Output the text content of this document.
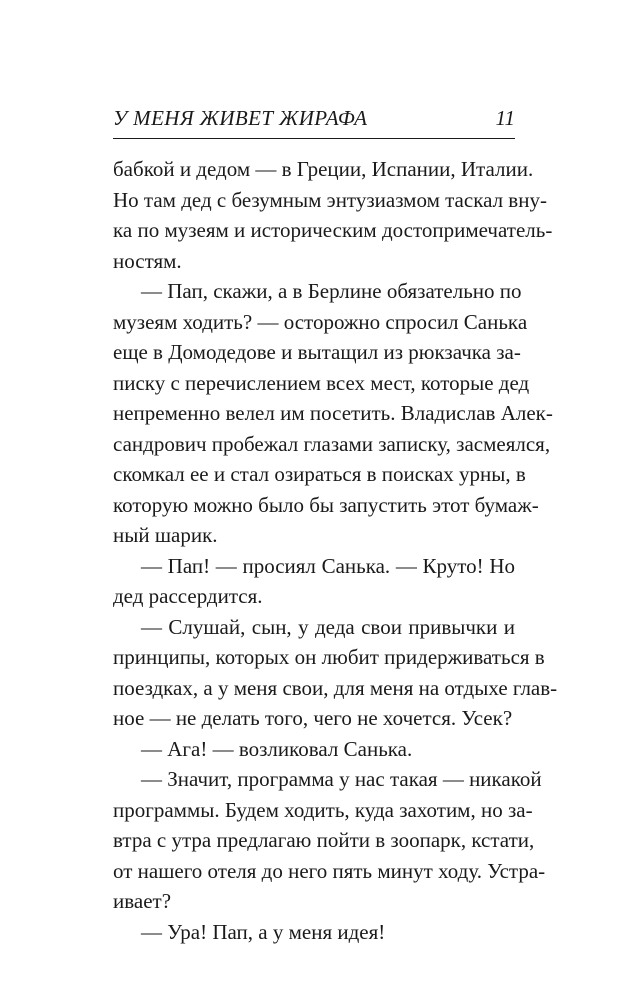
У МЕНЯ ЖИВЕТ ЖИРАФА	11
бабкой и дедом — в Греции, Испании, Италии.
Но там дед с безумным энтузиазмом таскал вну-
ка по музеям и историческим достопримечатель-
ностям.
— Пап, скажи, а в Берлине обязательно по
музеям ходить? — осторожно спросил Санька
еще в Домодедове и вытащил из рюкзачка за-
писку с перечислением всех мест, которые дед
непременно велел им посетить. Владислав Алек-
сандрович пробежал глазами записку, засмеялся,
скомкал ее и стал озираться в поисках урны, в
которую можно было бы запустить этот бумаж-
ный шарик.
— Пап! — просиял Санька. — Круто! Но
дед рассердится.
— Слушай, сын, у деда свои привычки и
принципы, которых он любит придерживаться в
поездках, а у меня свои, для меня на отдыхе глав-
ное — не делать того, чего не хочется. Усек?
— Ага! — возликовал Санька.
— Значит, программа у нас такая — никакой
программы. Будем ходить, куда захотим, но за-
втра с утра предлагаю пойти в зоопарк, кстати,
от нашего отеля до него пять минут ходу. Устра-
ивает?
— Ура! Пап, а у меня идея!
